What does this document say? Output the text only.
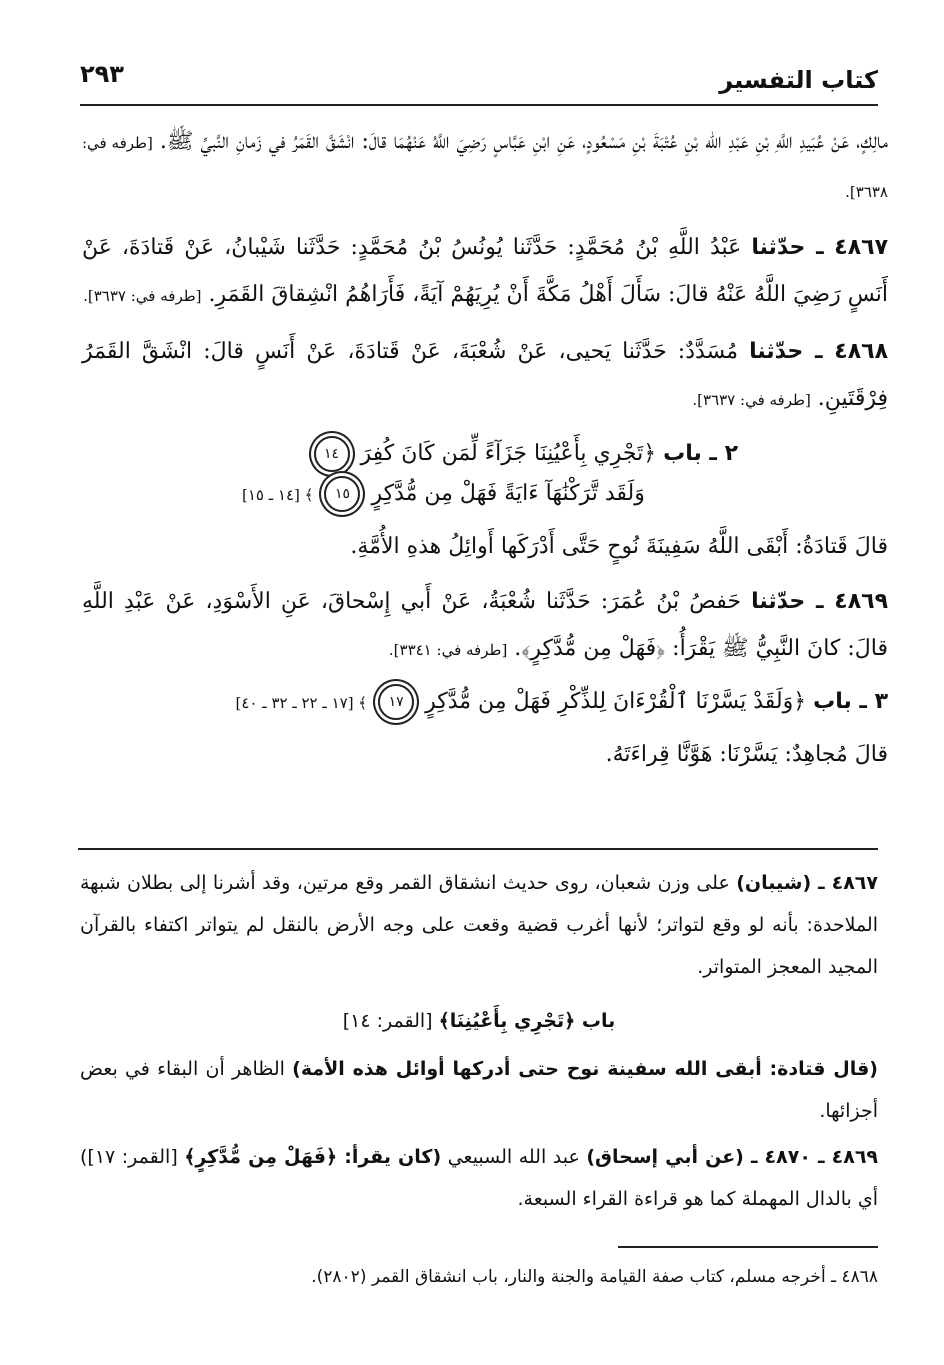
٢٩٣	كتاب التفسير

مالِكٍ، عَنْ عُبَيدِ اللَّهِ بْنِ عَبْدِ الله بْنِ عُتْبَةَ بْنِ مَسْعُودٍ، عَنِ ابْنِ عَبَّاسٍ رَضِيَ اللَّهُ عَنْهُمَا قالَ: انْشَقَّ القَمَرُ في زَمانِ النَّبيِّ ﷺ. [طرفه في: ٣٦٣٨].

٤٨٦٧ ـ حدّثنا عَبْدُ اللَّهِ بْنُ مُحَمَّدٍ: حَدَّثَنا يُونُسُ بْنُ مُحَمَّدٍ: حَدَّثَنا شَيْبانُ، عَنْ قَتادَةَ، عَنْ أَنَسٍ رَضِيَ اللَّهُ عَنْهُ قالَ: سَأَلَ أَهْلُ مَكَّةَ أَنْ يُرِيَهُمْ آيَةً، فَأَرَاهُمُ انْشِقاقَ القَمَرِ. [طرفه في: ٣٦٣٧].

٤٨٦٨ ـ حدّثنا مُسَدَّدٌ: حَدَّثَنا يَحيى، عَنْ شُعْبَةَ، عَنْ قَتادَةَ، عَنْ أَنَسٍ قالَ: انْشَقَّ القَمَرُ فِرْقَتَينِ. [طرفه في: ٣٦٣٧].

٢ ـ باب ﴿تَجْرِي بِأَعْيُنِنَا جَزَآءً لِّمَن كَانَ كُفِرَ ١٤
وَلَقَد تَّرَكْنَٰهَآ ءَايَةً فَهَلْ مِن مُّدَّكِرٍ ١٥ ﴾ [١٤ ـ ١٥]

قالَ قَتادَةُ: أَبْقَى اللَّهُ سَفِينَةَ نُوحٍ حَتَّى أَدْرَكَها أَوائِلُ هذهِ الأُمَّةِ.

٤٨٦٩ ـ حدّثنا حَفصُ بْنُ عُمَرَ: حَدَّثَنا شُعْبَةُ، عَنْ أَبي إِسْحاقَ، عَنِ الأَسْوَدِ، عَنْ عَبْدِ اللَّهِ قالَ: كانَ النَّبِيُّ ﷺ يَقْرَأُ: ﴿فَهَلْ مِن مُّدَّكِرٍ﴾. [طرفه في: ٣٣٤١].

٣ ـ باب ﴿وَلَقَدْ يَسَّرْنَا ٱلْقُرْءَانَ لِلذِّكْرِ فَهَلْ مِن مُّدَّكِرٍ ١٧ ﴾ [١٧ ـ ٢٢ ـ ٣٢ ـ ٤٠]

قالَ مُجاهِدٌ: يَسَّرْنَا: هَوَّنَّا قِراءَتَهُ.

٤٨٦٧ ـ (شيبان) على وزن شعبان، روى حديث انشقاق القمر وقع مرتين، وقد أشرنا إلى بطلان شبهة الملاحدة: بأنه لو وقع لتواتر؛ لأنها أغرب قضية وقعت على وجه الأرض بالنقل لم يتواتر اكتفاء بالقرآن المجيد المعجز المتواتر.

باب ﴿تَجْرِي بِأَعْيُنِنَا﴾ [القمر: ١٤]

(قال قتادة: أبقى الله سفينة نوح حتى أدركها أوائل هذه الأمة) الظاهر أن البقاء في بعض أجزائها.

٤٨٦٩ ـ ٤٨٧٠ ـ (عن أبي إسحاق) عبد الله السبيعي (كان يقرأ: ﴿فَهَلْ مِن مُّدَّكِرٍ﴾ [القمر: ١٧]) أي بالدال المهملة كما هو قراءة القراء السبعة.

٤٨٦٨ ـ أخرجه مسلم، كتاب صفة القيامة والجنة والنار، باب انشقاق القمر (٢٨٠٢).
